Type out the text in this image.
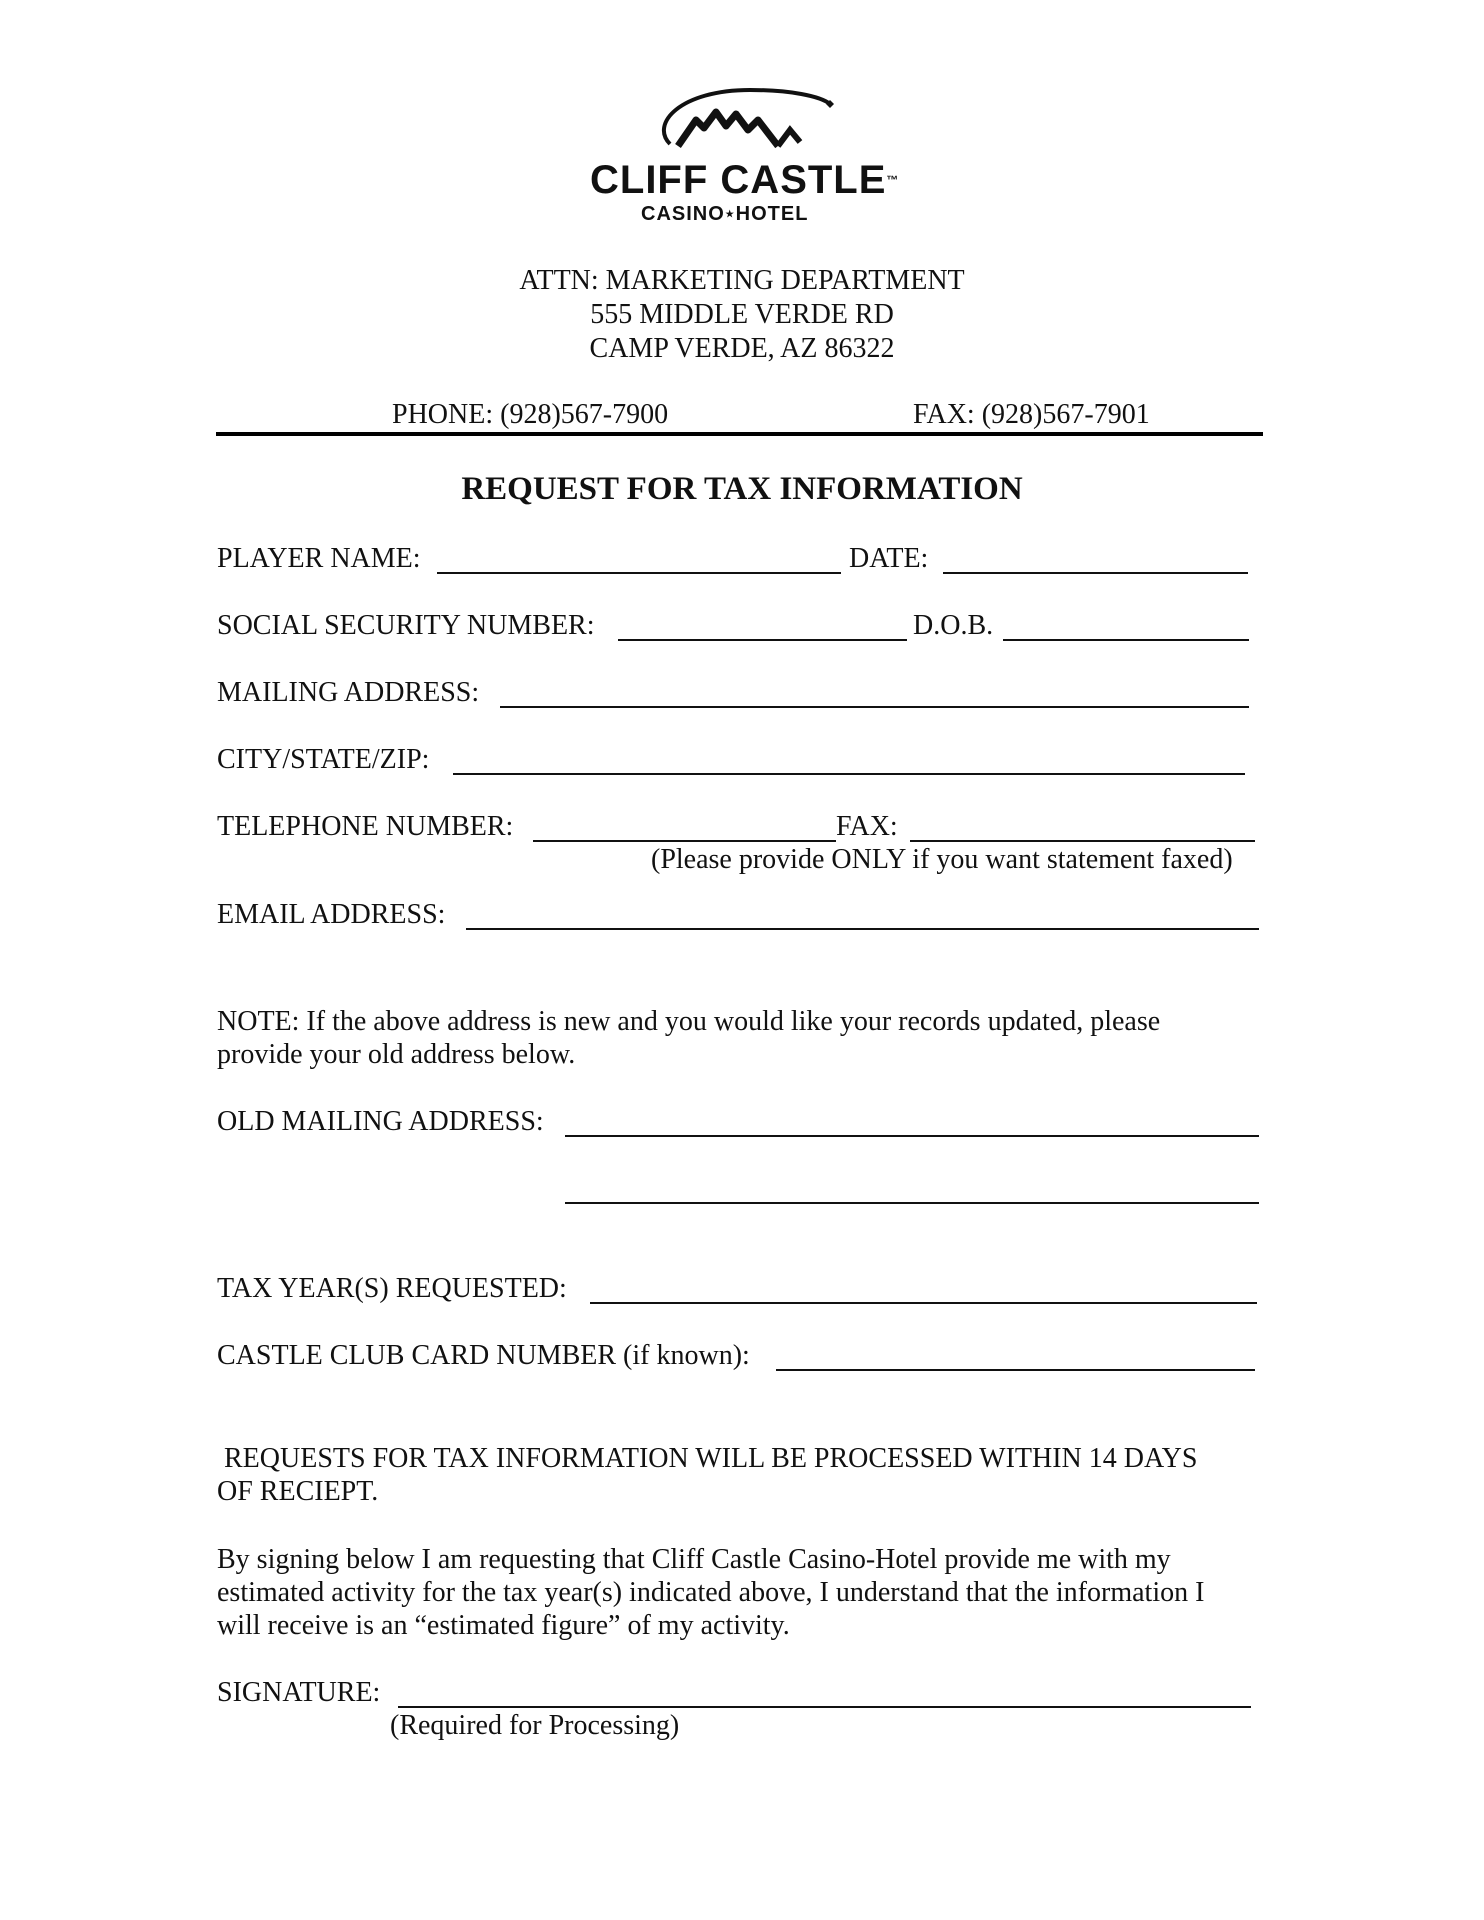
CLIFF CASTLE™
CASINO★HOTEL
ATTN: MARKETING DEPARTMENT
555 MIDDLE VERDE RD
CAMP VERDE, AZ 86322
PHONE: (928)567-7900	FAX: (928)567-7901
REQUEST FOR TAX INFORMATION
PLAYER NAME:	DATE:
SOCIAL SECURITY NUMBER:	D.O.B.
MAILING ADDRESS:
CITY/STATE/ZIP:
TELEPHONE NUMBER:	FAX:
(Please provide ONLY if you want statement faxed)
EMAIL ADDRESS:
NOTE: If the above address is new and you would like your records updated, please
provide your old address below.
OLD MAILING ADDRESS:
TAX YEAR(S) REQUESTED:
CASTLE CLUB CARD NUMBER (if known):
REQUESTS FOR TAX INFORMATION WILL BE PROCESSED WITHIN 14 DAYS
OF RECIEPT.
By signing below I am requesting that Cliff Castle Casino-Hotel provide me with my
estimated activity for the tax year(s) indicated above, I understand that the information I
will receive is an “estimated figure” of my activity.
SIGNATURE:
(Required for Processing)
